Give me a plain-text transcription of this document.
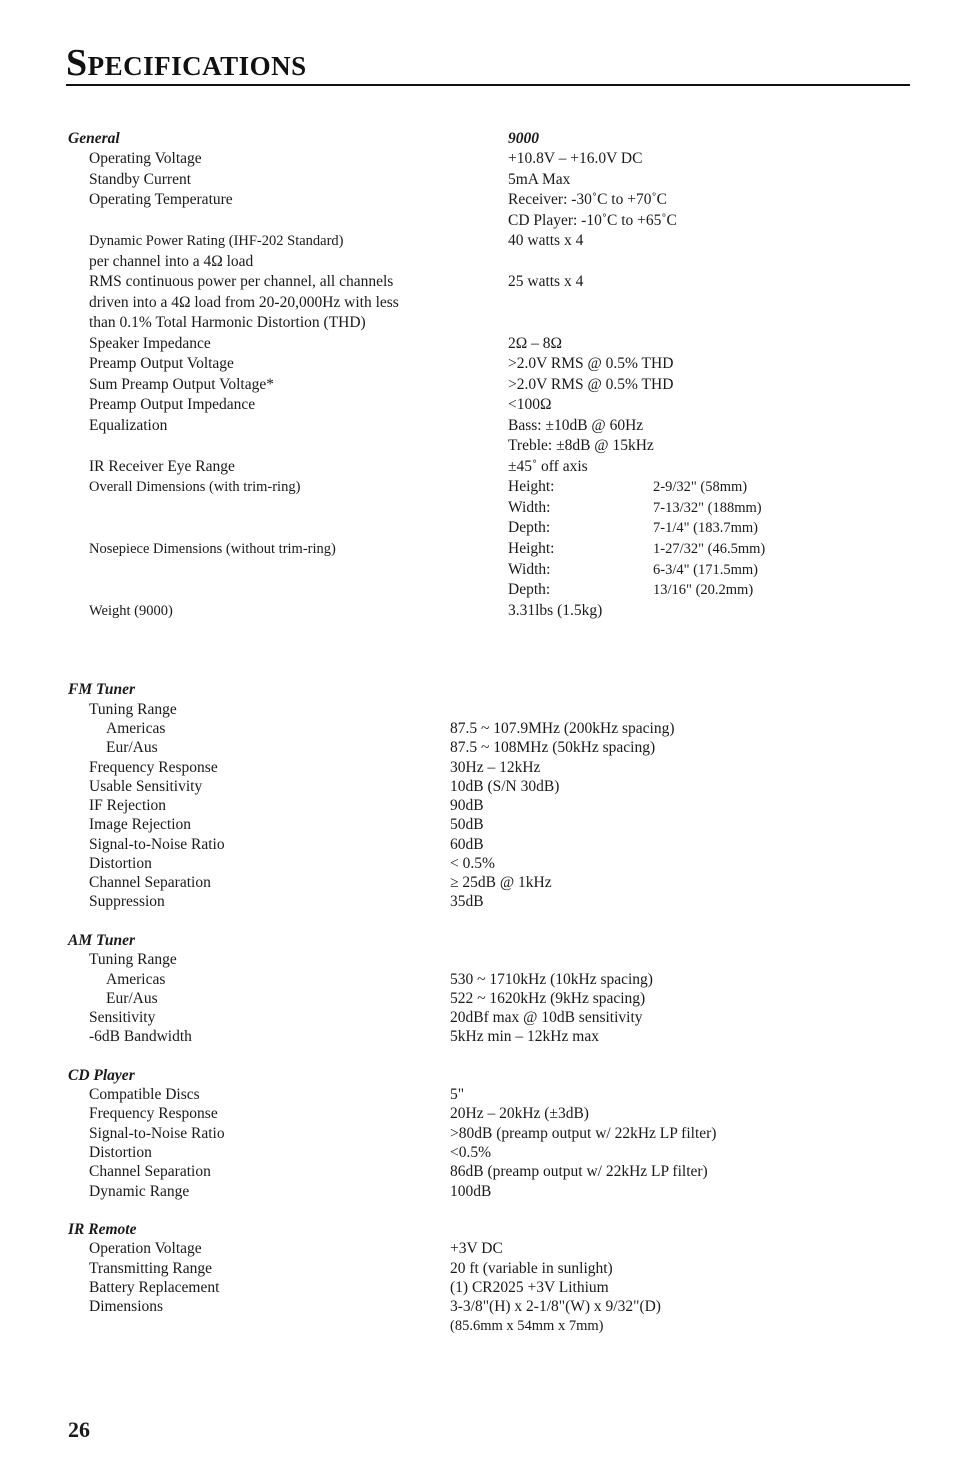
Specifications
General	9000
Operating Voltage	+10.8V – +16.0V DC
Standby Current	5mA Max
Operating Temperature	Receiver: -30˚C to +70˚C
CD Player: -10˚C to +65˚C
Dynamic Power Rating (IHF-202 Standard)	40 watts x 4
per channel into a 4Ω load
RMS continuous power per channel, all channels	25 watts x 4
driven into a 4Ω load from 20-20,000Hz with less
than 0.1% Total Harmonic Distortion (THD)
Speaker Impedance	2Ω – 8Ω
Preamp Output Voltage	>2.0V RMS @ 0.5% THD
Sum Preamp Output Voltage*	>2.0V RMS @ 0.5% THD
Preamp Output Impedance	<100Ω
Equalization	Bass: ±10dB @ 60Hz
Treble: ±8dB @ 15kHz
IR Receiver Eye Range	±45˚ off axis
Overall Dimensions (with trim-ring)	Height:	2-9/32" (58mm)
Width:	7-13/32" (188mm)
Depth:	7-1/4" (183.7mm)
Nosepiece Dimensions (without trim-ring)	Height:	1-27/32" (46.5mm)
Width:	6-3/4" (171.5mm)
Depth:	13/16" (20.2mm)
Weight (9000)	3.31lbs (1.5kg)
FM Tuner
Tuning Range
Americas	87.5 ~ 107.9MHz (200kHz spacing)
Eur/Aus	87.5 ~ 108MHz (50kHz spacing)
Frequency Response	30Hz – 12kHz
Usable Sensitivity	10dB (S/N 30dB)
IF Rejection	90dB
Image Rejection	50dB
Signal-to-Noise Ratio	60dB
Distortion	< 0.5%
Channel Separation	≥ 25dB @ 1kHz
Suppression	35dB
AM Tuner
Tuning Range
Americas	530 ~ 1710kHz (10kHz spacing)
Eur/Aus	522 ~ 1620kHz (9kHz spacing)
Sensitivity	20dBf max @ 10dB sensitivity
-6dB Bandwidth	5kHz min – 12kHz max
CD Player
Compatible Discs	5"
Frequency Response	20Hz – 20kHz (±3dB)
Signal-to-Noise Ratio	>80dB (preamp output w/ 22kHz LP filter)
Distortion	<0.5%
Channel Separation	86dB (preamp output w/ 22kHz LP filter)
Dynamic Range	100dB
IR Remote
Operation Voltage	+3V DC
Transmitting Range	20 ft (variable in sunlight)
Battery Replacement	(1) CR2025 +3V Lithium
Dimensions	3-3/8"(H) x 2-1/8"(W) x 9/32"(D)
(85.6mm x 54mm x 7mm)
26
